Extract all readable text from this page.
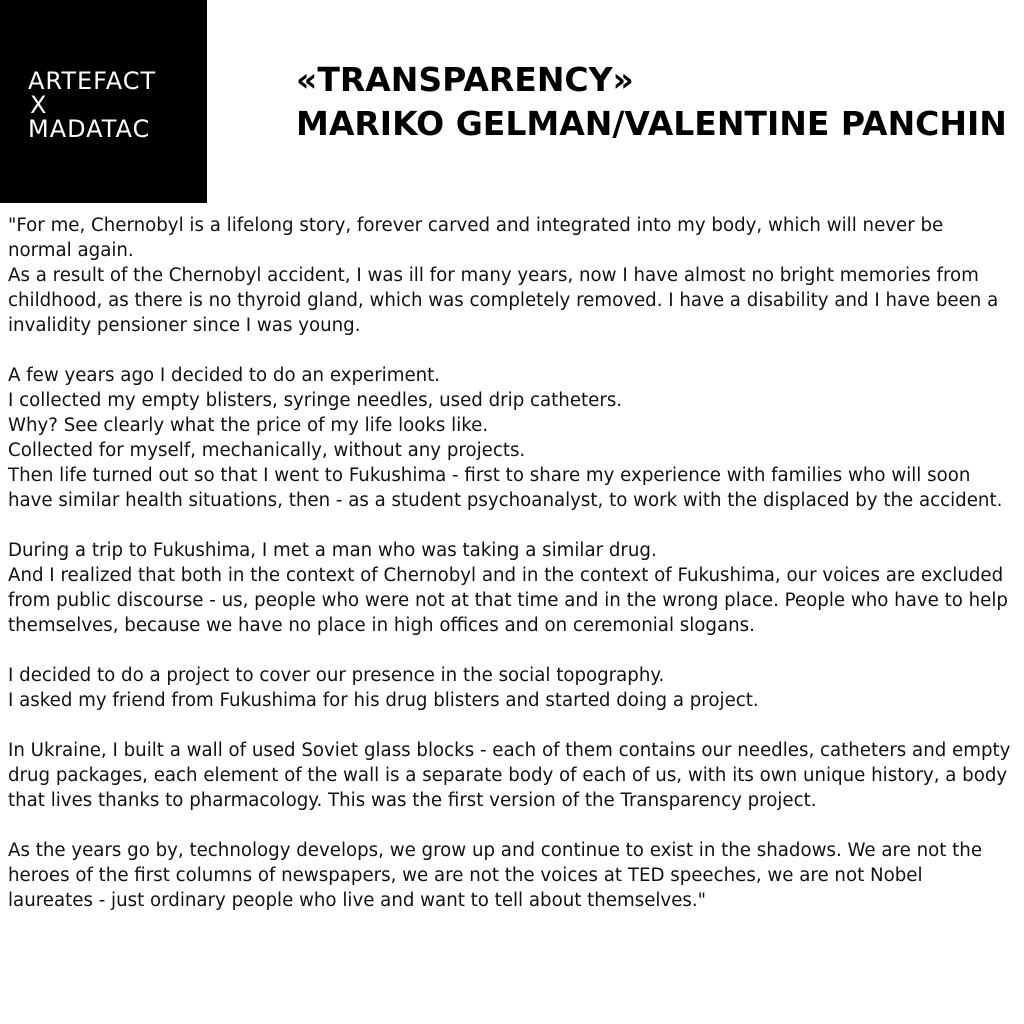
ARTEFACT
X
MADATAC
«TRANSPARENCY»
MARIKO GELMAN/VALENTINE PANCHIN
"For me, Chernobyl is a lifelong story, forever carved and integrated into my body, which will never be normal again.
As a result of the Chernobyl accident, I was ill for many years, now I have almost no bright memories from childhood, as there is no thyroid gland, which was completely removed. I have a disability and I have been a invalidity pensioner since I was young.
A few years ago I decided to do an experiment.
I collected my empty blisters, syringe needles, used drip catheters.
Why? See clearly what the price of my life looks like.
Collected for myself, mechanically, without any projects.
Then life turned out so that I went to Fukushima - first to share my experience with families who will soon have similar health situations, then - as a student psychoanalyst, to work with the displaced by the accident.
During a trip to Fukushima, I met a man who was taking a similar drug.
And I realized that both in the context of Chernobyl and in the context of Fukushima, our voices are excluded from public discourse - us, people who were not at that time and in the wrong place. People who have to help themselves, because we have no place in high offices and on ceremonial slogans.
I decided to do a project to cover our presence in the social topography.
I asked my friend from Fukushima for his drug blisters and started doing a project.
In Ukraine, I built a wall of used Soviet glass blocks - each of them contains our needles, catheters and empty drug packages, each element of the wall is a separate body of each of us, with its own unique history, a body that lives thanks to pharmacology. This was the first version of the Transparency project.
As the years go by, technology develops, we grow up and continue to exist in the shadows. We are not the heroes of the first columns of newspapers, we are not the voices at TED speeches, we are not Nobel laureates - just ordinary people who live and want to tell about themselves."
